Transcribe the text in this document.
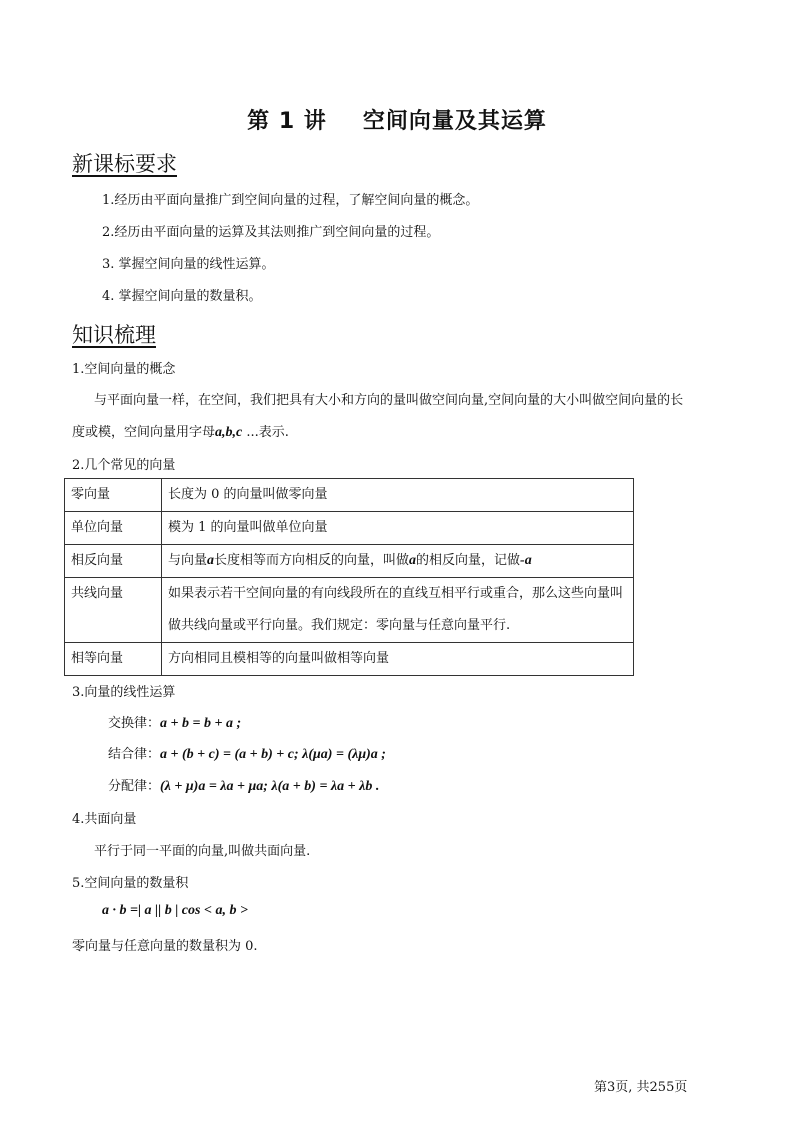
第 1 讲 空间向量及其运算
新课标要求
1.经历由平面向量推广到空间向量的过程，了解空间向量的概念。
2.经历由平面向量的运算及其法则推广到空间向量的过程。
3. 掌握空间向量的线性运算。
4. 掌握空间向量的数量积。
知识梳理
1.空间向量的概念
与平面向量一样，在空间，我们把具有大小和方向的量叫做空间向量,空间向量的大小叫做空间向量的长
度或模，空间向量用字母a,b,c ...表示.
2.几个常见的向量
零向量	长度为 0 的向量叫做零向量
单位向量	模为 1 的向量叫做单位向量
相反向量	与向量a长度相等而方向相反的向量，叫做a的相反向量，记做-a
共线向量	如果表示若干空间向量的有向线段所在的直线互相平行或重合，那么这些向量叫做共线向量或平行向量。我们规定：零向量与任意向量平行.
相等向量	方向相同且模相等的向量叫做相等向量
3.向量的线性运算
交换律：a + b = b + a ;
结合律：a + (b + c) = (a + b) + c; λ(μa) = (λμ)a ;
分配律：(λ + μ)a = λa + μa; λ(a + b) = λa + λb .
4.共面向量
平行于同一平面的向量,叫做共面向量.
5.空间向量的数量积
a · b =| a || b | cos < a, b >
零向量与任意向量的数量积为 0.
第3页, 共255页
